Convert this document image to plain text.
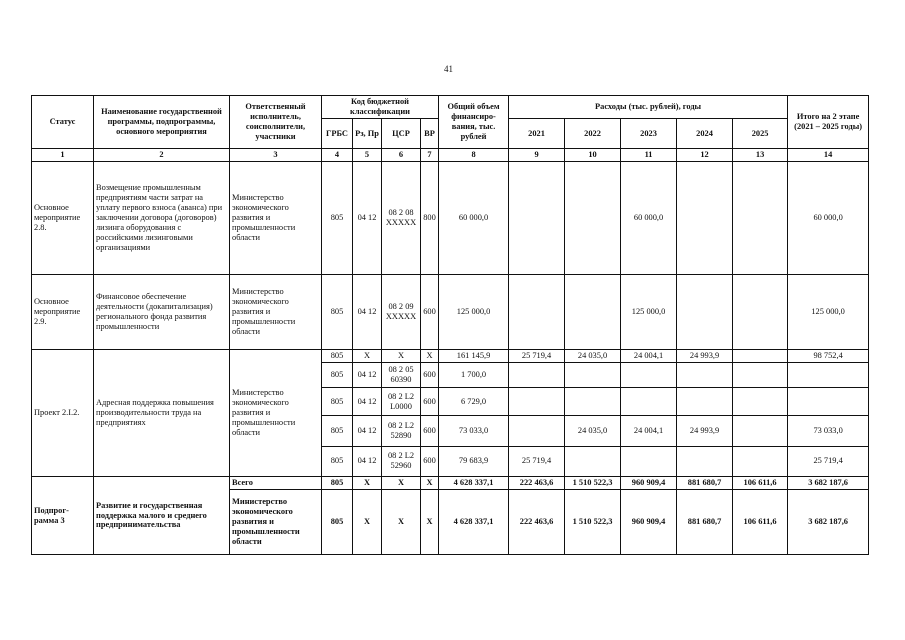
41
Статус	Наименование государственной программы, подпрограммы, основного мероприятия	Ответственный исполнитель, соисполнители, участники	Код бюджетной классификации				Общий объем финансиро-вания, тыс. рублей	Расходы (тыс. рублей), годы					Итого на 2 этапе (2021 – 2025 годы)
			ГРБС	Рз, Пр	ЦСР	ВР		2021	2022	2023	2024	2025	
1	2	3	4	5	6	7	8	9	10	11	12	13	14
Основное мероприятие 2.8.	Возмещение промышленным предприятиям части затрат на уплату первого взноса (аванса) при заключении договора (договоров) лизинга оборудования с российскими лизинговыми организациями	Министерство экономического развития и промышленности области	805	04 12	08 2 08 XXXXX	800	60 000,0			60 000,0			60 000,0
Основное мероприятие 2.9.	Финансовое обеспечение деятельности (докапитализация) регионального фонда развития промышленности	Министерство экономического развития и промышленности области	805	04 12	08 2 09 XXXXX	600	125 000,0			125 000,0			125 000,0
Проект 2.I.2.	Адресная поддержка повышения производительности труда на предприятиях	Министерство экономического развития и промышленности области	805	X	X	X	161 145,9	25 719,4	24 035,0	24 004,1	24 993,9		98 752,4
			805	04 12	08 2 05 60390	600	1 700,0						
			805	04 12	08 2 L2 L0000	600	6 729,0						
			805	04 12	08 2 L2 52890	600	73 033,0		24 035,0	24 004,1	24 993,9		73 033,0
			805	04 12	08 2 L2 52960	600	79 683,9	25 719,4					25 719,4
Подпрог-рамма 3	Развитие и государственная поддержка малого и среднего предпринимательства	Всего	805	X	X	X	4 628 337,1	222 463,6	1 510 522,3	960 909,4	881 680,7	106 611,6	3 682 187,6
		Министерство экономического развития и промышленности области	805	X	X	X	4 628 337,1	222 463,6	1 510 522,3	960 909,4	881 680,7	106 611,6	3 682 187,6
